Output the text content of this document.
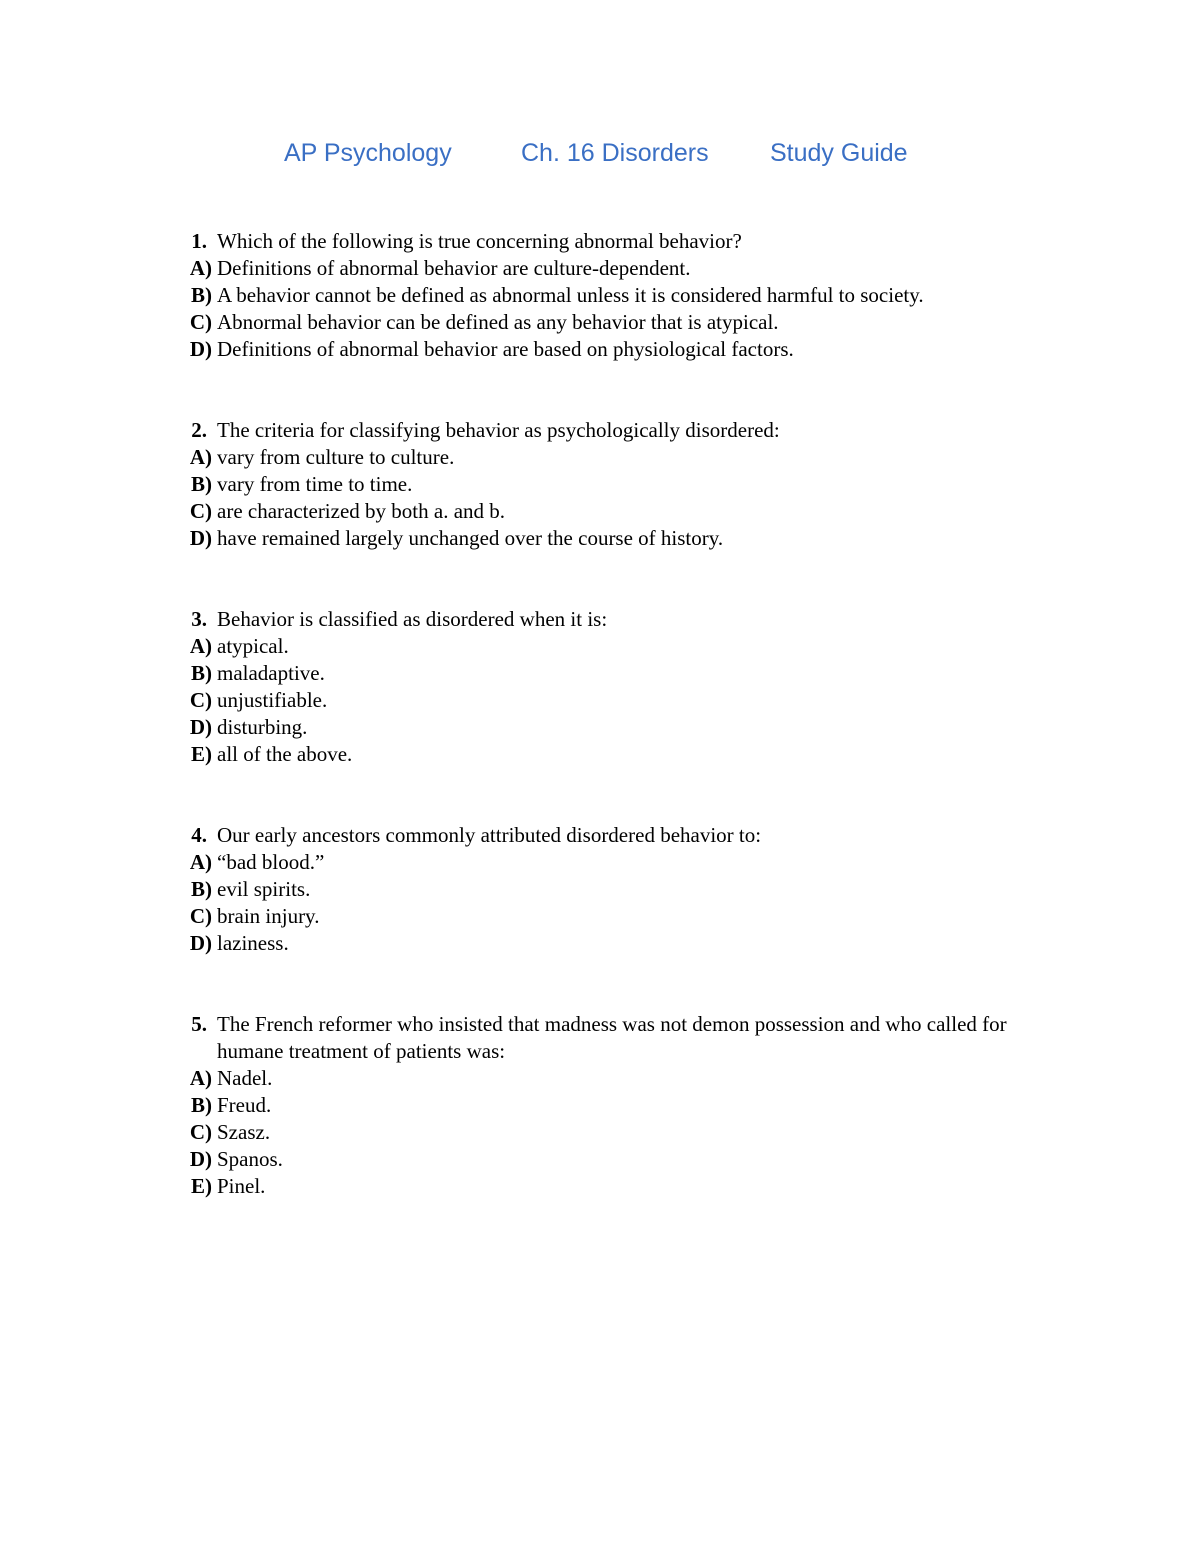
AP Psychology	Ch. 16 Disorders Study Guide
1. Which of the following is true concerning abnormal behavior?
A) Definitions of abnormal behavior are culture-dependent.
B) A behavior cannot be defined as abnormal unless it is considered harmful to society.
C) Abnormal behavior can be defined as any behavior that is atypical.
D) Definitions of abnormal behavior are based on physiological factors.
2. The criteria for classifying behavior as psychologically disordered:
A) vary from culture to culture.
B) vary from time to time.
C) are characterized by both a. and b.
D) have remained largely unchanged over the course of history.
3. Behavior is classified as disordered when it is:
A) atypical.
B) maladaptive.
C) unjustifiable.
D) disturbing.
E) all of the above.
4. Our early ancestors commonly attributed disordered behavior to:
A) “bad blood.”
B) evil spirits.
C) brain injury.
D) laziness.
5. The French reformer who insisted that madness was not demon possession and who called for humane treatment of patients was:
A) Nadel.
B) Freud.
C) Szasz.
D) Spanos.
E) Pinel.
